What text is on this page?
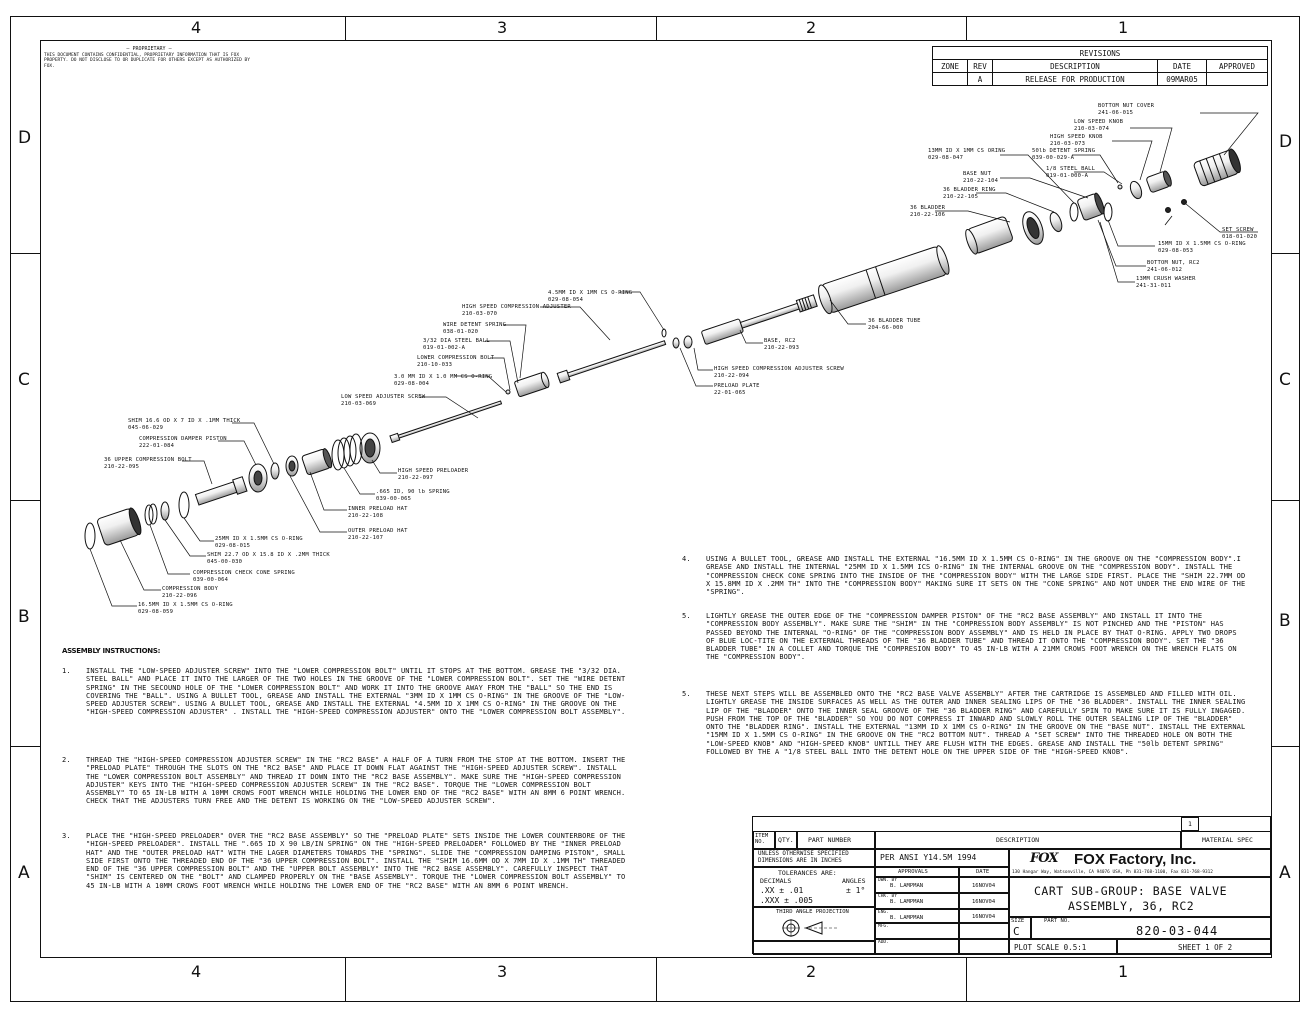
4	3	2	1
4	3	2	1
D
C
B
A
D
C
B
A
— PROPRIETARY —
THIS DOCUMENT CONTAINS CONFIDENTIAL, PROPRIETARY INFORMATION THAT IS FOX PROPERTY. DO NOT DISCLOSE TO OR DUPLICATE FOR OTHERS EXCEPT AS AUTHORIZED BY FOX.
REVISIONS				
ZONE	REV	DESCRIPTION	DATE	APPROVED
	A	RELEASE FOR PRODUCTION	09MAR05	
BOTTOM NUT COVER
241-06-015
LOW SPEED KNOB
210-03-074
HIGH SPEED KNOB
210-03-073
13MM ID X 1MM CS ORING
029-08-047
50lb DETENT SPRING
039-00-029-A
1/8 STEEL BALL
019-01-000-A
BASE NUT
210-22-104
36 BLADDER RING
210-22-105
36 BLADDER
210-22-106
SET SCREW
018-01-020
15MM ID X 1.5MM CS O-RING
029-08-053
BOTTOM NUT, RC2
241-06-012
13MM CRUSH WASHER
241-31-011
4.5MM ID X 1MM CS O-RING
029-08-054
HIGH SPEED COMPRESSION ADJUSTER
210-03-070
WIRE DETENT SPRING
038-01-020
3/32 DIA STEEL BALL
019-01-002-A
LOWER COMPRESSION BOLT
210-10-033
3.0 MM ID X 1.0 MM CS O-RING
029-08-004
LOW SPEED ADJUSTER SCREW
210-03-069
BASE, RC2
210-22-093
HIGH SPEED COMPRESSION ADJUSTER SCREW
210-22-094
PRELOAD PLATE
22-01-065
36 BLADDER TUBE
204-66-000
SHIM 16.6 OD X 7 ID X .1MM THICK
045-06-029
COMPRESSION DAMPER PISTON
222-01-084
36 UPPER COMPRESSION BOLT
210-22-095
HIGH SPEED PRELOADER
210-22-097
.665 ID, 90 lb SPRING
039-00-065
INNER PRELOAD HAT
210-22-108
OUTER PRELOAD HAT
210-22-107
25MM ID X 1.5MM CS O-RING
029-08-015
SHIM 22.7 OD X 15.8 ID X .2MM THICK
045-00-030
COMPRESSION CHECK CONE SPRING
039-00-064
COMPRESSION BODY
210-22-096
16.5MM ID X 1.5MM CS O-RING
029-08-059
ASSEMBLY INSTRUCTIONS:
1. INSTALL THE "LOW-SPEED ADJUSTER SCREW" INTO THE "LOWER COMPRESSION BOLT" UNTIL IT STOPS AT THE BOTTOM. GREASE THE "3/32 DIA. STEEL BALL" AND PLACE IT INTO THE LARGER OF THE TWO HOLES IN THE GROOVE OF THE "LOWER COMPRESSION BOLT". SET THE "WIRE DETENT SPRING" IN THE SECOUND HOLE OF THE "LOWER COMPRESSION BOLT" AND WORK IT INTO THE GROOVE AWAY FROM THE "BALL" SO THE END IS COVERING THE "BALL". USING A BULLET TOOL, GREASE AND INSTALL THE EXTERNAL "3MM ID X 1MM CS O-RING" IN THE GROOVE OF THE "LOW-SPEED ADJUSTER SCREW". USING A BULLET TOOL, GREASE AND INSTALL THE EXTERNAL "4.5MM ID X 1MM CS O-RING" IN THE GROOVE ON THE "HIGH-SPEED COMPRESSION ADJUSTER" . INSTALL THE "HIGH-SPEED COMPRESSION ADJUSTER" ONTO THE "LOWER COMPRESSION BOLT ASSEMBLY".
2. THREAD THE "HIGH-SPEED COMPRESSION ADJUSTER SCREW" IN THE "RC2 BASE" A HALF OF A TURN FROM THE STOP AT THE BOTTOM. INSERT THE "PRELOAD PLATE" THROUGH THE SLOTS ON THE "RC2 BASE" AND PLACE IT DOWN FLAT AGAINST THE "HIGH-SPEED ADJUSTER SCREW". INSTALL THE "LOWER COMPRESSION BOLT ASSEMBLY" AND THREAD IT DOWN INTO THE "RC2 BASE ASSEMBLY". MAKE SURE THE "HIGH-SPEED COMPRESSION ADJUSTER" KEYS INTO THE "HIGH-SPEED COMPRESSION ADJUSTER SCREW" IN THE "RC2 BASE". TORQUE THE "LOWER COMPRESSION BOLT ASSEMBLY" TO 65 IN-LB WITH A 10MM CROWS FOOT WRENCH WHILE HOLDING THE LOWER END OF THE "RC2 BASE" WITH AN 8MM 6 POINT WRENCH. CHECK THAT THE ADJUSTERS TURN FREE AND THE DETENT IS WORKING ON THE "LOW-SPEED ADJUSTER SCREW".
3. PLACE THE "HIGH-SPEED PRELOADER" OVER THE "RC2 BASE ASSEMBLY" SO THE "PRELOAD PLATE" SETS INSIDE THE LOWER COUNTERBORE OF THE "HIGH-SPEED PRELOADER". INSTALL THE ".665 ID X 90 LB/IN SPRING" ON THE "HIGH-SPEED PRELOADER" FOLLOWED BY THE "INNER PRELOAD HAT" AND THE "OUTER PRELOAD HAT" WITH THE LAGER DIAMETERS TOWARDS THE "SPRING". SLIDE THE "COMPRESSION DAMPING PISTON", SMALL SIDE FIRST ONTO THE THREADED END OF THE "36 UPPER COMPRESSION BOLT". INSTALL THE "SHIM 16.6MM OD X 7MM ID X .1MM TH" THREADED END OF THE "36 UPPER COMPRESSION BOLT" AND THE "UPPER BOLT ASSEMBLY" INTO THE "RC2 BASE ASSEMBLY". CAREFULLY INSPECT THAT "SHIM" IS CENTERED ON THE "BOLT" AND CLAMPED PROPERLY ON THE "BASE ASSEMBLY". TORQUE THE "LOWER COMPRESSION BOLT ASSEMBLY" TO 45 IN-LB WITH A 10MM CROWS FOOT WRENCH WHILE HOLDING THE LOWER END OF THE "RC2 BASE" WITH AN 8MM 6 POINT WRENCH.
4. USING A BULLET TOOL, GREASE AND INSTALL THE EXTERNAL "16.5MM ID X 1.5MM CS O-RING" IN THE GROOVE ON THE "COMPRESSION BODY".I GREASE AND INSTALL THE INTERNAL "25MM ID X 1.5MM ICS O-RING" IN THE INTERNAL GROOVE ON THE "COMPRESSION BODY". INSTALL THE "COMPRESSION CHECK CONE SPRING INTO THE INSIDE OF THE "COMPRESSION BODY" WITH THE LARGE SIDE FIRST. PLACE THE "SHIM 22.7MM OD X 15.8MM ID X .2MM TH" INTO THE "COMPRESSION BODY" MAKING SURE IT SETS ON THE "CONE SPRING" AND NOT UNDER THE END WIRE OF THE "SPRING".
5. LIGHTLY GREASE THE OUTER EDGE OF THE "COMPRESSION DAMPER PISTON" OF THE "RC2 BASE ASSEMBLY" AND INSTALL IT INTO THE "COMPRESSION BODY ASSEMBLY". MAKE SURE THE "SHIM" IN THE "COMPRESSION BODY ASSEMBLY" IS NOT PINCHED AND THE "PISTON" HAS PASSED BEYOND THE INTERNAL "O-RING" OF THE "COMPRESSION BODY ASSEMBLY" AND IS HELD IN PLACE BY THAT O-RING. APPLY TWO DROPS OF BLUE LOC-TITE ON THE EXTERNAL THREADS OF THE "36 BLADDER TUBE" AND THREAD IT ONTO THE "COMPRESSION BODY". SET THE "36 BLADDER TUBE" IN A COLLET AND TORQUE THE "COMPRESION BODY" TO 45 IN-LB WITH A 21MM CROWS FOOT WRENCH ON THE WRENCH FLATS ON THE "COMPRESSION BODY".
5. THESE NEXT STEPS WILL BE ASSEMBLED ONTO THE "RC2 BASE VALVE ASSEMBLY" AFTER THE CARTRIDGE IS ASSEMBLED AND FILLED WITH OIL. LIGHTLY GREASE THE INSIDE SURFACES AS WELL AS THE OUTER AND INNER SEALING LIPS OF THE "36 BLADDER". INSTALL THE INNER SEALING LIP OF THE "BLADDER" ONTO THE INNER SEAL GROOVE OF THE "36 BLADDER RING" AND CAREFULLY SPIN TO MAKE SURE IT IS FULLY INGAGED. PUSH FROM THE TOP OF THE "BLADDER" SO YOU DO NOT COMPRESS IT INWARD AND SLOWLY ROLL THE OUTER SEALING LIP OF THE "BLADDER" ONTO THE "BLADDER RING". INSTALL THE EXTERNAL "13MM ID X 1MM CS O-RING" IN THE GROOVE ON THE "BASE NUT". INSTALL THE EXTERNAL "15MM ID X 1.5MM CS O-RING" IN THE GROOVE ON THE "RC2 BOTTOM NUT". THREAD A "SET SCREW" INTO THE THREADED HOLE ON BOTH THE "LOW-SPEED KNOB" AND "HIGH-SPEED KNOB" UNTILL THEY ARE FLUSH WITH THE EDGES. GREASE AND INSTALL THE "50lb DETENT SPRING" FOLLOWED BY THE A "1/8 STEEL BALL INTO THE DETENT HOLE ON THE UPPER SIDE OF THE "HIGH-SPEED KNOB".
1
ITEM NO.	QTY. PART NUMBER	DESCRIPTION	MATERIAL SPEC
UNLESS OTHERWISE SPECIFIED DIMENSIONS ARE IN INCHES	PER ANSI Y14.5M 1994
TOLERANCES ARE:
DECIMALS	ANGLES
.XX ± .01	± 1°
.XXX ± .005
THIRD ANGLE PROJECTION
APPROVALS	DATE
DWN. BY
B. LAMPMAN	16NOV04
CHK. BY
B. LAMPMAN	16NOV04
ENG.
B. LAMPMAN	16NOV04
MFG.
ADD.
FOX FOX Factory, Inc.
130 Hangar Way, Watsonville, CA 94076 USA, Ph 831-768-1100, Fax 831-768-9312
CART SUB-GROUP: BASE VALVE
ASSEMBLY, 36, RC2
SIZE
C
PART NO.
820-03-044
PLOT SCALE 0.5:1	SHEET 1 OF 2
